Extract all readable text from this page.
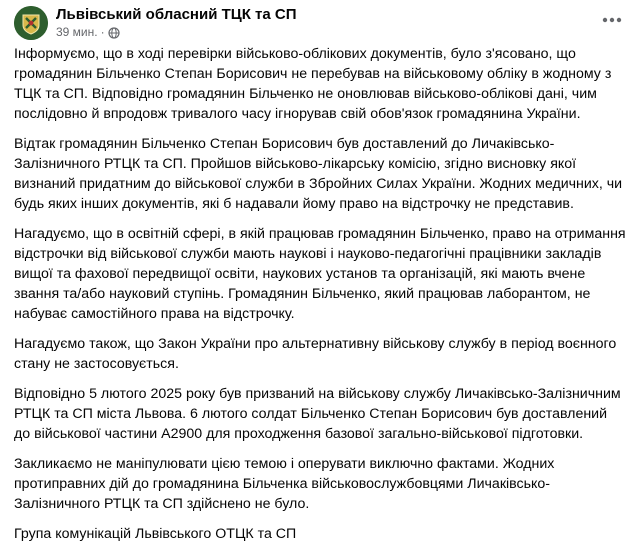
Львівський обласний ТЦК та СП
39 мин. ·

Інформуємо, що в ході перевірки військово-облікових документів, було з'ясовано, що громадянин Більченко Степан Борисович не перебував на військовому обліку в жодному з ТЦК та СП. Відповідно громадянин Більченко не оновлював військово-облікові дані, чим послідовно й впродовж тривалого часу ігнорував свій обов'язок громадянина України.

Відтак громадянин Більченко Степан Борисович був доставлений до Личаківсько-Залізничного РТЦК та СП. Пройшов військово-лікарську комісію, згідно висновку якої визнаний придатним до військової служби в Збройних Силах України. Жодних медичних, чи будь яких інших документів, які б надавали йому право на відстрочку не представив.

Нагадуємо, що в освітній сфері, в якій працював громадянин Більченко, право на отримання відстрочки від військової служби мають наукові і науково-педагогічні працівники закладів вищої та фахової передвищої освіти, наукових установ та організацій, які мають вчене звання та/або науковий ступінь. Громадянин Більченко, який працював лаборантом, не набуває самостійного права на відстрочку.

Нагадуємо також, що Закон України про альтернативну військову службу в період воєнного стану не застосовується.

Відповідно 5 лютого 2025 року був призваний на військову службу Личаківсько-Залізничним РТЦК та СП міста Львова. 6 лютого солдат Більченко Степан Борисович був доставлений до військової частини А2900 для проходження базової загально-військової підготовки.

Закликаємо не маніпулювати цією темою і оперувати виключно фактами. Жодних протиправних дій до громадянина Більченка військовослужбовцями Личаківсько-Залізничного РТЦК та СП здійснено не було.

Група комунікацій Львівського ОТЦК та СП
